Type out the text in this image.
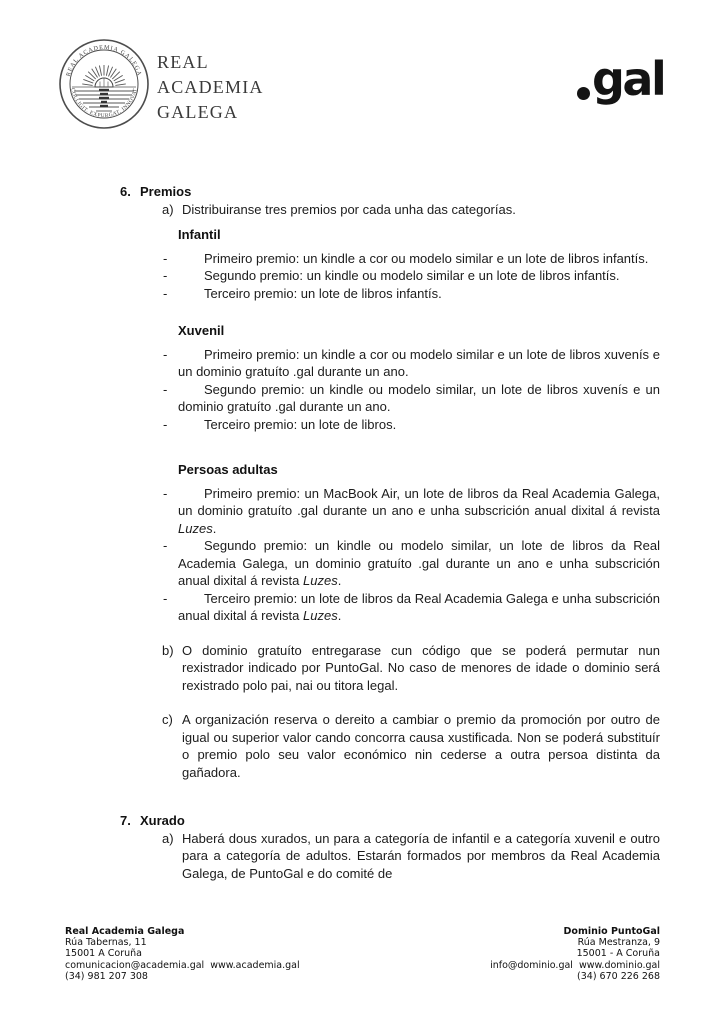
REAL ACADEMIA GALEGA
COLLIGIT. EXPURGAT. INNOVAT
REAL
ACADEMIA
GALEGA
gal
6. Premios
a) Distribuiranse tres premios por cada unha das categorías.
Infantil
-	Primeiro premio: un kindle a cor ou modelo similar e un lote de libros infantís.
-	Segundo premio: un kindle ou modelo similar e un lote de libros infantís.
-	Terceiro premio: un lote de libros infantís.
Xuvenil
-	Primeiro premio: un kindle a cor ou modelo similar e un lote de libros xuvenís e un dominio gratuíto .gal durante un ano.
-	Segundo premio: un kindle ou modelo similar, un lote de libros xuvenís e un dominio gratuíto .gal durante un ano.
-	Terceiro premio: un lote de libros.
Persoas adultas
-	Primeiro premio: un MacBook Air, un lote de libros da Real Academia Galega, un dominio gratuíto .gal durante un ano e unha subscrición anual dixital á revista Luzes.
-	Segundo premio: un kindle ou modelo similar, un lote de libros da Real Academia Galega, un dominio gratuíto .gal durante un ano e unha subscrición anual dixital á revista Luzes.
-	Terceiro premio: un lote de libros da Real Academia Galega e unha subscrición anual dixital á revista Luzes.
b) O dominio gratuíto entregarase cun código que se poderá permutar nun rexistrador indicado por PuntoGal. No caso de menores de idade o dominio será rexistrado polo pai, nai ou titora legal.
c) A organización reserva o dereito a cambiar o premio da promoción por outro de igual ou superior valor cando concorra causa xustificada. Non se poderá substituír o premio polo seu valor económico nin cederse a outra persoa distinta da gañadora.
7. Xurado
a) Haberá dous xurados, un para a categoría de infantil e a categoría xuvenil e outro para a categoría de adultos. Estarán formados por membros da Real Academia Galega, de PuntoGal e do comité de
Real Academia Galega
Rúa Tabernas, 11
15001 A Coruña
comunicacion@academia.gal  www.academia.gal
(34) 981 207 308
Dominio PuntoGal
Rúa Mestranza, 9
15001 - A Coruña
info@dominio.gal  www.dominio.gal
(34) 670 226 268
